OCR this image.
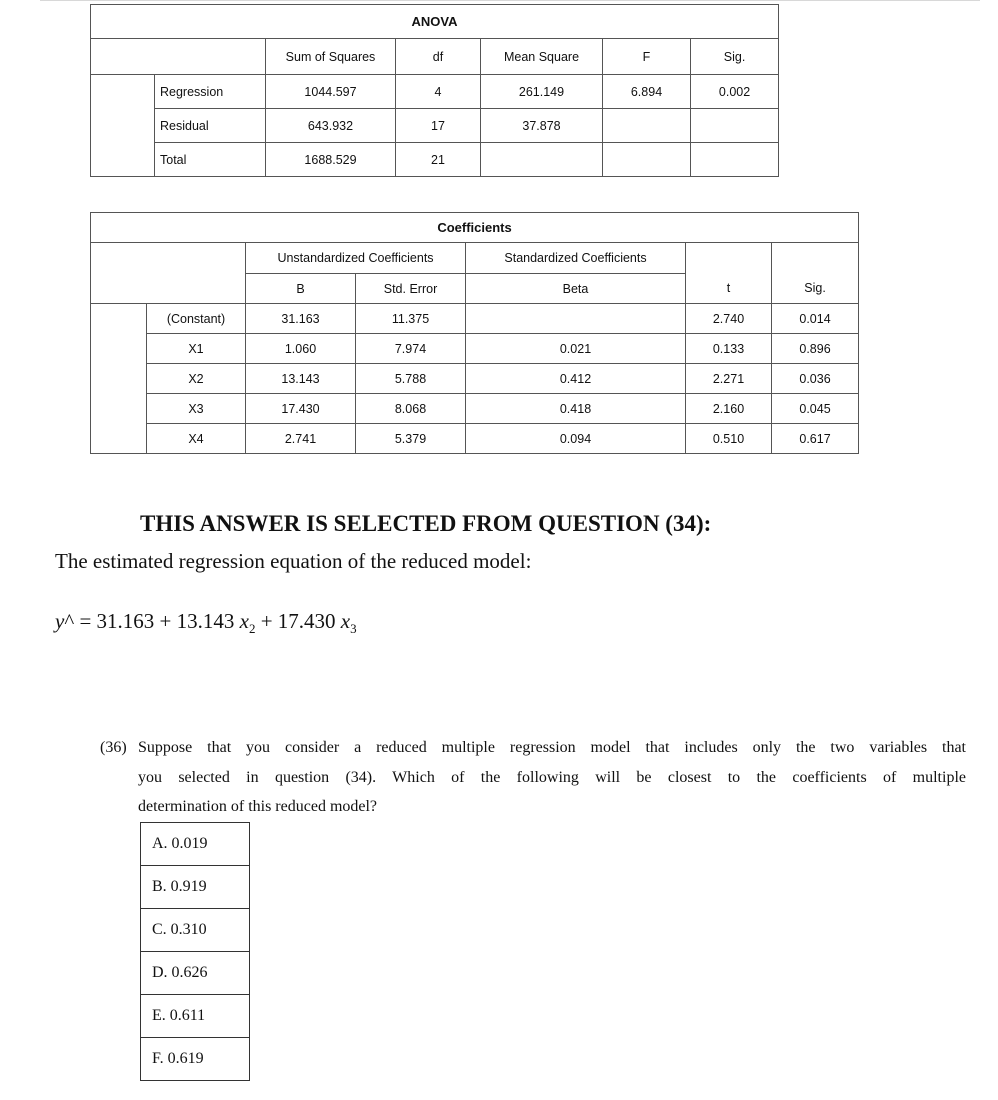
ANOVA						
		Sum of Squares	df	Mean Square	F	Sig.
	Regression	1044.597	4	261.149	6.894	0.002
	Residual	643.932	17	37.878		
	Total	1688.529	21			
Coefficients						
		Unstandardized Coefficients		Standardized Coefficients		
		B	Std. Error	Beta	t	Sig.
	(Constant)	31.163	11.375		2.740	0.014
	X1	1.060	7.974	0.021	0.133	0.896
	X2	13.143	5.788	0.412	2.271	0.036
	X3	17.430	8.068	0.418	2.160	0.045
	X4	2.741	5.379	0.094	0.510	0.617
THIS ANSWER IS SELECTED FROM QUESTION (34):
The estimated regression equation of the reduced model:
y^ = 31.163 + 13.143 $x_2 + 17.430$ $x_3$
(36) Suppose that you consider a reduced multiple regression model that includes only the two variables that
you selected in question (34). Which of the following will be closest to the coefficients of multiple
determination of this reduced model?
A. 0.019
B. 0.919
C. 0.310
D. 0.626
E. 0.611
F. 0.619
